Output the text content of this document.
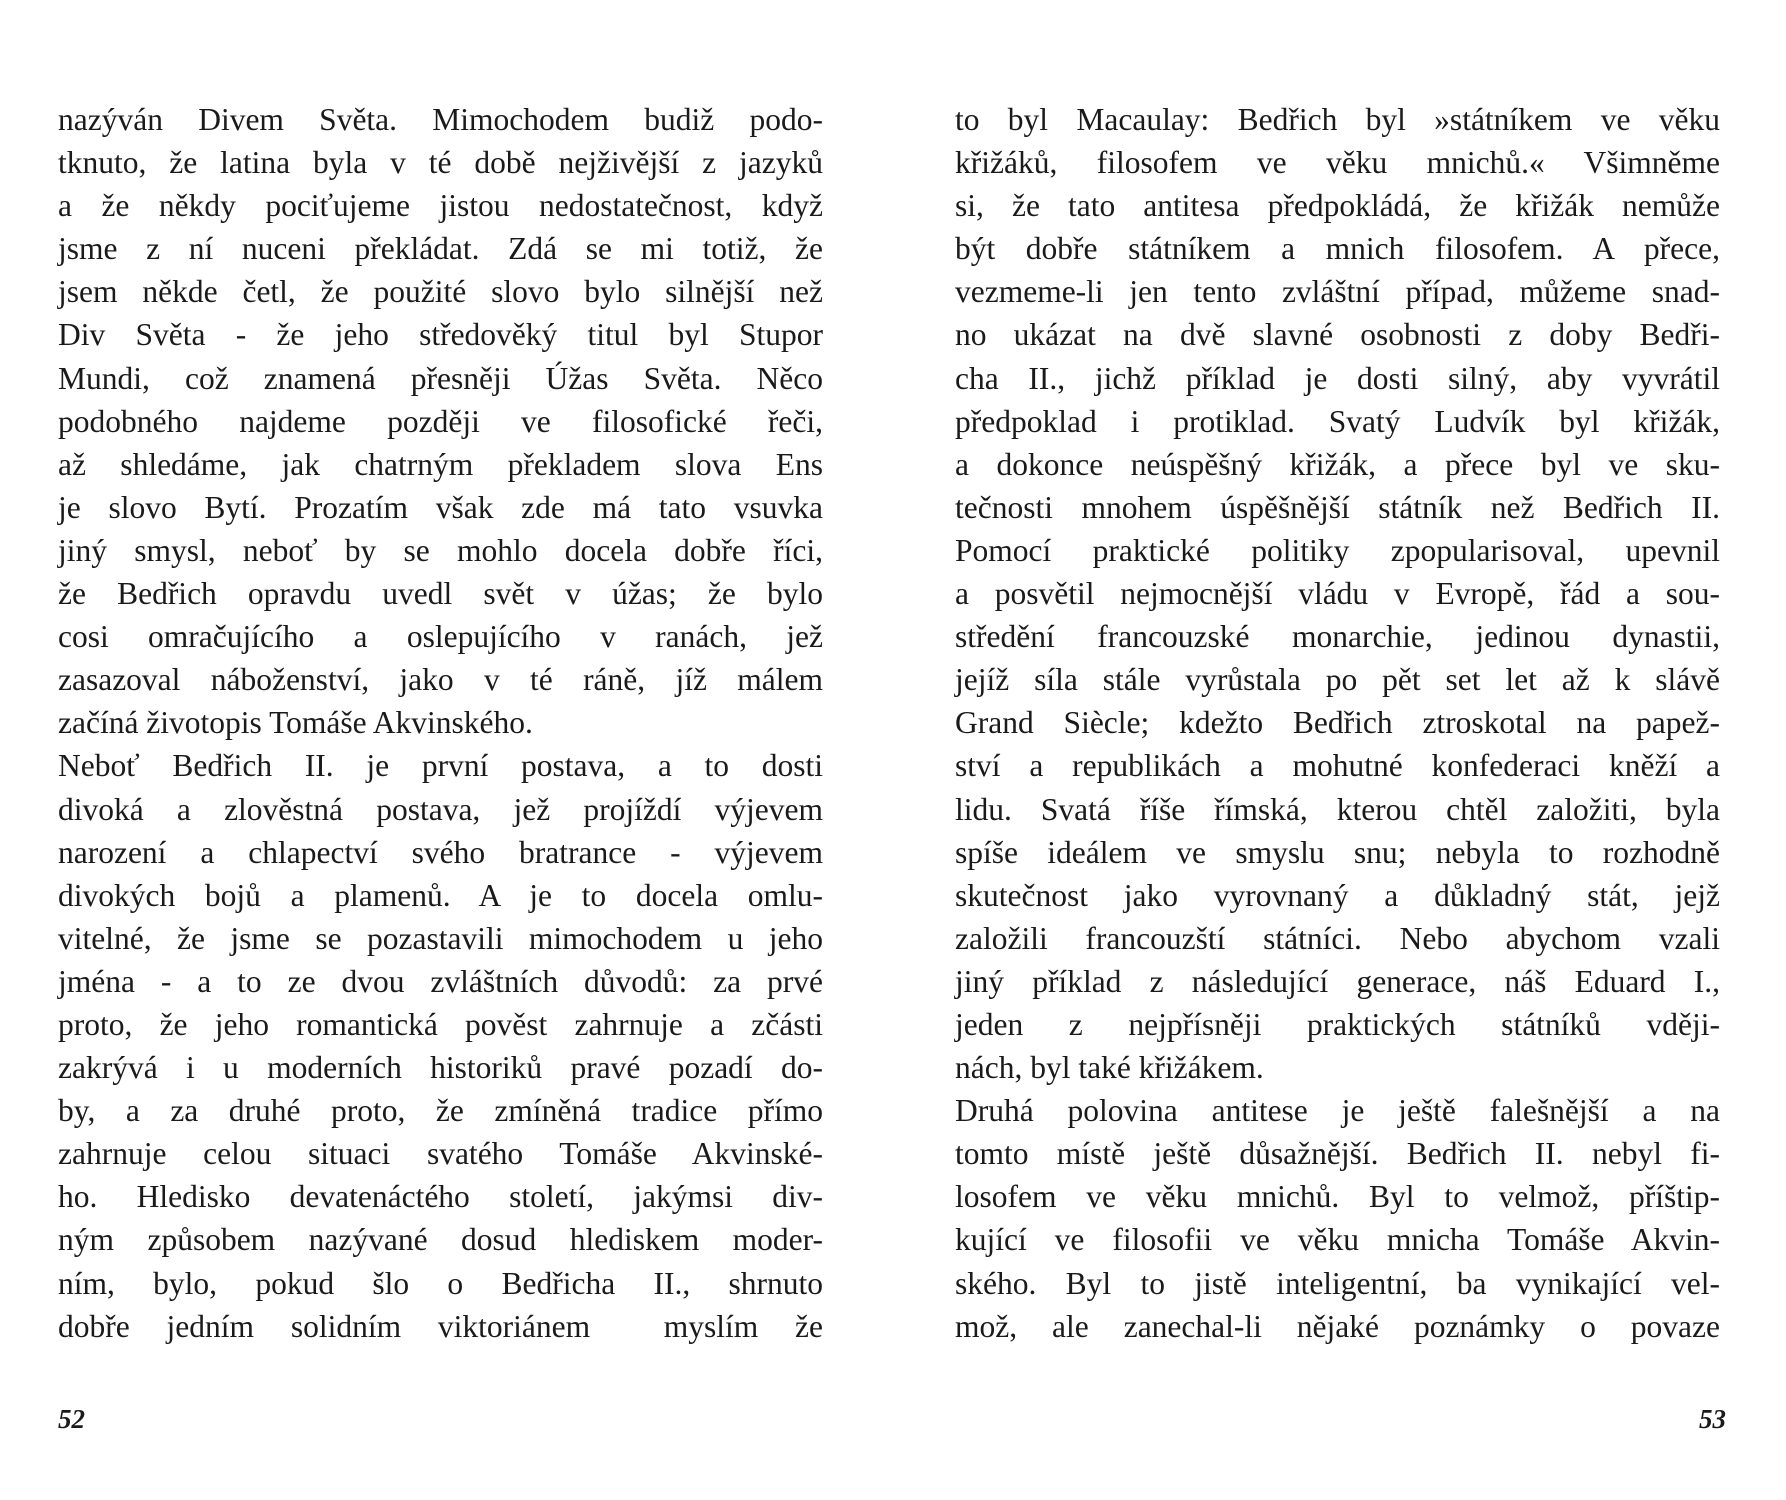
nazýván Divem Světa. Mimochodem budiž podo-
tknuto, že latina byla v té době nejživější z jazyků
a že někdy pociťujeme jistou nedostatečnost, když
jsme z ní nuceni překládat. Zdá se mi totiž, že
jsem někde četl, že použité slovo bylo silnější než
Div Světa - že jeho středověký titul byl Stupor
Mundi, což znamená přesněji Úžas Světa. Něco
podobného najdeme později ve filosofické řeči,
až shledáme, jak chatrným překladem slova Ens
je slovo Bytí. Prozatím však zde má tato vsuvka
jiný smysl, neboť by se mohlo docela dobře říci,
že Bedřich opravdu uvedl svět v úžas; že bylo
cosi omračujícího a oslepujícího v ranách, jež
zasazoval náboženství, jako v té ráně, jíž málem
začíná životopis Tomáše Akvinského.
Neboť Bedřich II. je první postava, a to dosti
divoká a zlověstná postava, jež projíždí výjevem
narození a chlapectví svého bratrance - výjevem
divokých bojů a plamenů. A je to docela omlu-
vitelné, že jsme se pozastavili mimochodem u jeho
jména - a to ze dvou zvláštních důvodů: za prvé
proto, že jeho romantická pověst zahrnuje a zčásti
zakrývá i u moderních historiků pravé pozadí do-
by, a za druhé proto, že zmíněná tradice přímo
zahrnuje celou situaci svatého Tomáše Akvinské-
ho. Hledisko devatenáctého století, jakýmsi div-
ným způsobem nazývané dosud hlediskem moder-
ním, bylo, pokud šlo o Bedřicha II., shrnuto
dobře jedním solidním viktoriánem  myslím že
52
to byl Macaulay: Bedřich byl »státníkem ve věku
křižáků, filosofem ve věku mnichů.« Všimněme
si, že tato antitesa předpokládá, že křižák nemůže
být dobře státníkem a mnich filosofem. A přece,
vezmeme-li jen tento zvláštní případ, můžeme snad-
no ukázat na dvě slavné osobnosti z doby Bedři-
cha II., jichž příklad je dosti silný, aby vyvrátil
předpoklad i protiklad. Svatý Ludvík byl křižák,
a dokonce neúspěšný křižák, a přece byl ve sku-
tečnosti mnohem úspěšnější státník než Bedřich II.
Pomocí praktické politiky zpopularisoval, upevnil
a posvětil nejmocnější vládu v Evropě, řád a sou-
středění francouzské monarchie, jedinou dynastii,
jejíž síla stále vyrůstala po pět set let až k slávě
Grand Siècle; kdežto Bedřich ztroskotal na papež-
ství a republikách a mohutné konfederaci kněží a
lidu. Svatá říše římská, kterou chtěl založiti, byla
spíše ideálem ve smyslu snu; nebyla to rozhodně
skutečnost jako vyrovnaný a důkladný stát, jejž
založili francouzští státníci. Nebo abychom vzali
jiný příklad z následující generace, náš Eduard I.,
jeden z nejpřísněji praktických státníků vději-
nách, byl také křižákem.
Druhá polovina antitese je ještě falešnější a na
tomto místě ještě důsažnější. Bedřich II. nebyl fi-
losofem ve věku mnichů. Byl to velmož, příštip-
kující ve filosofii ve věku mnicha Tomáše Akvin-
ského. Byl to jistě inteligentní, ba vynikající vel-
mož, ale zanechal-li nějaké poznámky o povaze
53
